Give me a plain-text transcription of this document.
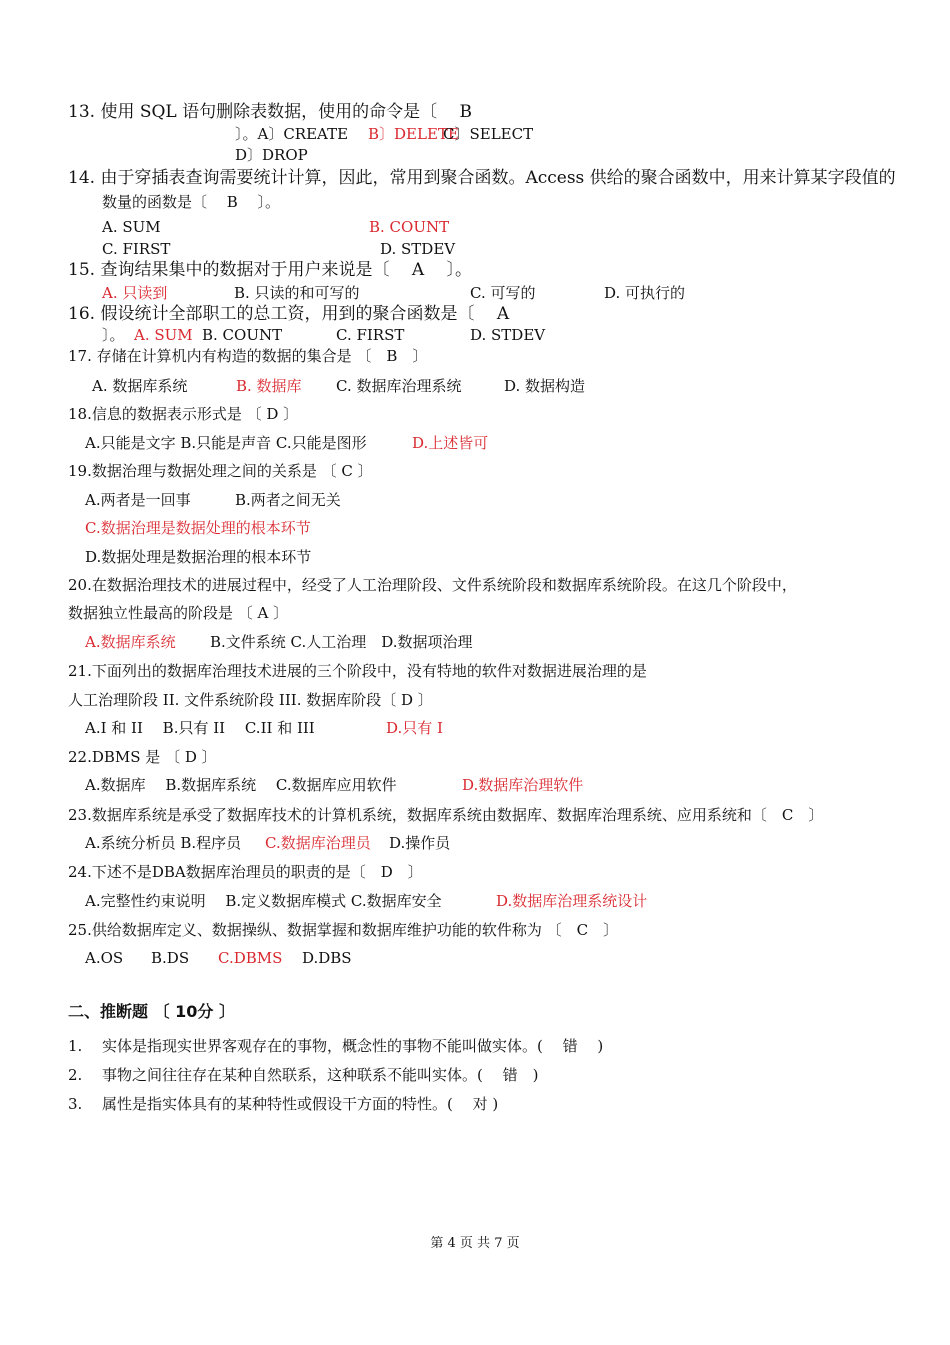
13. 使用 SQL 语句删除表数据，使用的命令是〔　 B
〕。A〕CREATE B〕DELETE
C〕SELECT
D〕DROP
14. 由于穿插表查询需要统计计算，因此，常用到聚合函数。Access 供给的聚合函数中，用来计算某字段值的
数量的函数是〔　 B　 〕。
A. SUM	B. COUNT
C. FIRST	D. STDEV
15. 查询结果集中的数据对于用户来说是〔　 A　 〕。
A. 只读到	B. 只读的和可写的	C. 可写的	D. 可执行的
16. 假设统计全部职工的总工资，用到的聚合函数是〔　 A
〕。 A. SUM B. COUNT	C. FIRST	D. STDEV
17. 存储在计算机内有构造的数据的集合是 〔　B　〕
A. 数据库系统	B. 数据库 C. 数据库治理系统	D. 数据构造
18.信息的数据表示形式是 〔 D 〕
A.只能是文字 B.只能是声音 C.只能是图形	D.上述皆可
19.数据治理与数据处理之间的关系是 〔 C 〕
A.两者是一回事	B.两者之间无关
C.数据治理是数据处理的根本环节
D.数据处理是数据治理的根本环节
20.在数据治理技术的进展过程中，经受了人工治理阶段、文件系统阶段和数据库系统阶段。在这几个阶段中，
数据独立性最高的阶段是 〔 A 〕
A.数据库系统 B.文件系统 C.人工治理　D.数据项治理
21.下面列出的数据库治理技术进展的三个阶段中，没有特地的软件对数据进展治理的是
人工治理阶段 II. 文件系统阶段 III. 数据库阶段〔 D 〕
A.I 和 II　 B.只有 II　 C.II 和 III	D.只有 I
22.DBMS 是 〔 D 〕
A.数据库　 B.数据库系统　 C.数据库应用软件	D.数据库治理软件
23.数据库系统是承受了数据库技术的计算机系统，数据库系统由数据库、数据库治理系统、应用系统和〔　C　〕
A.系统分析员 B.程序员 C.数据库治理员 D.操作员
24.下述不是DBA数据库治理员的职责的是〔　D　〕
A.完整性约束说明　 B.定义数据库模式 C.数据库安全	D.数据库治理系统设计
25.供给数据库定义、数据操纵、数据掌握和数据库维护功能的软件称为 〔　C　〕
A.OS B.DS C.DBMS D.DBS
二、推断题 〔 10分 〕
1. 实体是指现实世界客观存在的事物，概念性的事物不能叫做实体。(　 错　 )
2. 事物之间往往存在某种自然联系，这种联系不能叫实体。(　 错　)
3. 属性是指实体具有的某种特性或假设干方面的特性。(　 对 )
第 4 页 共 7 页
